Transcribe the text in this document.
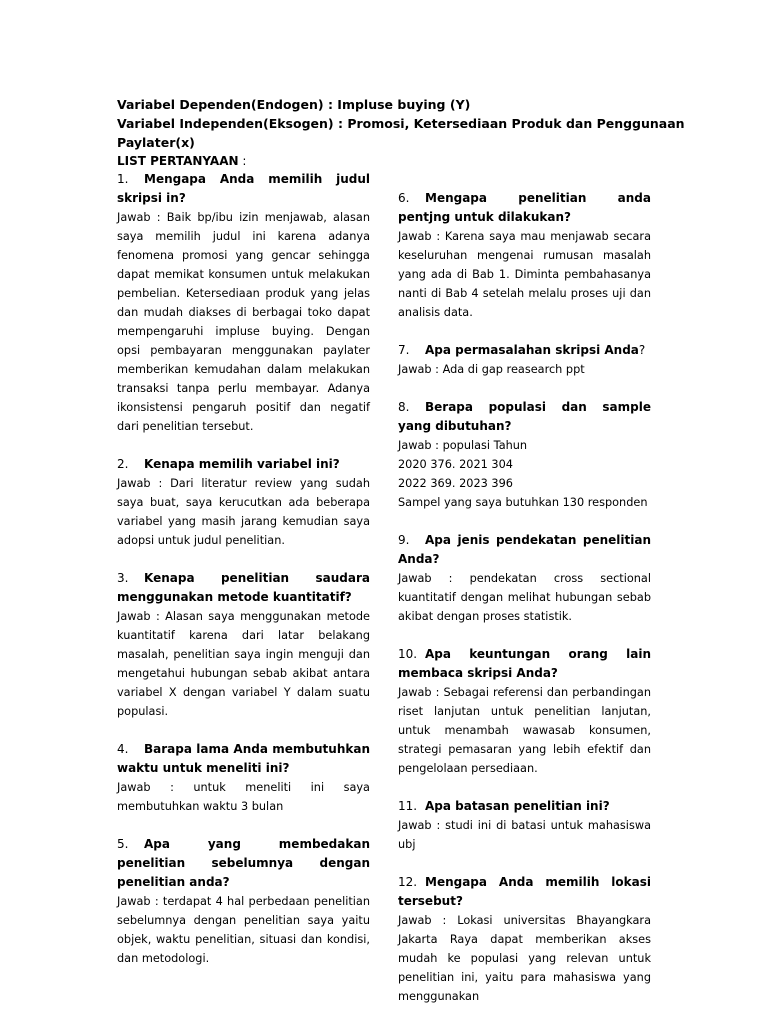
Variabel Dependen(Endogen) : Impluse buying (Y)
Variabel Independen(Eksogen) : Promosi, Ketersediaan Produk dan Penggunaan Paylater(x)
LIST PERTANYAAN :
1. Mengapa Anda memilih judul skripsi in?
Jawab : Baik bp/ibu izin menjawab, alasan saya memilih judul ini karena adanya fenomena promosi yang gencar sehingga dapat memikat konsumen untuk melakukan pembelian. Ketersediaan produk yang jelas dan mudah diakses di berbagai toko dapat mempengaruhi impluse buying. Dengan opsi pembayaran menggunakan paylater memberikan kemudahan dalam melakukan transaksi tanpa perlu membayar. Adanya ikonsistensi pengaruh positif dan negatif dari penelitian tersebut.
2. Kenapa memilih variabel ini?
Jawab : Dari literatur review yang sudah saya buat, saya kerucutkan ada beberapa variabel yang masih jarang kemudian saya adopsi untuk judul penelitian.
3. Kenapa penelitian saudara menggunakan metode kuantitatif?
Jawab : Alasan saya menggunakan metode kuantitatif karena dari latar belakang masalah, penelitian saya ingin menguji dan mengetahui hubungan sebab akibat antara variabel X dengan variabel Y dalam suatu populasi.
4. Barapa lama Anda membutuhkan waktu untuk meneliti ini?
Jawab : untuk meneliti ini saya membutuhkan waktu 3 bulan
5. Apa yang membedakan penelitian sebelumnya dengan penelitian anda?
Jawab : terdapat 4 hal perbedaan penelitian sebelumnya dengan penelitian saya yaitu objek, waktu penelitian, situasi dan kondisi, dan metodologi.
6. Mengapa penelitian anda pentjng untuk dilakukan?
Jawab : Karena saya mau menjawab secara keseluruhan mengenai rumusan masalah yang ada di Bab 1. Diminta pembahasanya nanti di Bab 4 setelah melalu proses uji dan analisis data.
7. Apa permasalahan skripsi Anda?
Jawab : Ada di gap reasearch ppt
8. Berapa populasi dan sample yang dibutuhan?
Jawab : populasi Tahun
2020 376. 2021 304
2022 369. 2023 396
Sampel yang saya butuhkan 130 responden
9. Apa jenis pendekatan penelitian Anda?
Jawab : pendekatan cross sectional kuantitatif dengan melihat hubungan sebab akibat dengan proses statistik.
10. Apa keuntungan orang lain membaca skripsi Anda?
Jawab : Sebagai referensi dan perbandingan riset lanjutan untuk penelitian lanjutan, untuk menambah wawasab konsumen, strategi pemasaran yang lebih efektif dan pengelolaan persediaan.
11. Apa batasan penelitian ini?
Jawab : studi ini di batasi untuk mahasiswa ubj
12. Mengapa Anda memilih lokasi tersebut?
Jawab : Lokasi universitas Bhayangkara Jakarta Raya dapat memberikan akses mudah ke populasi yang relevan untuk penelitian ini, yaitu para mahasiswa yang menggunakan
